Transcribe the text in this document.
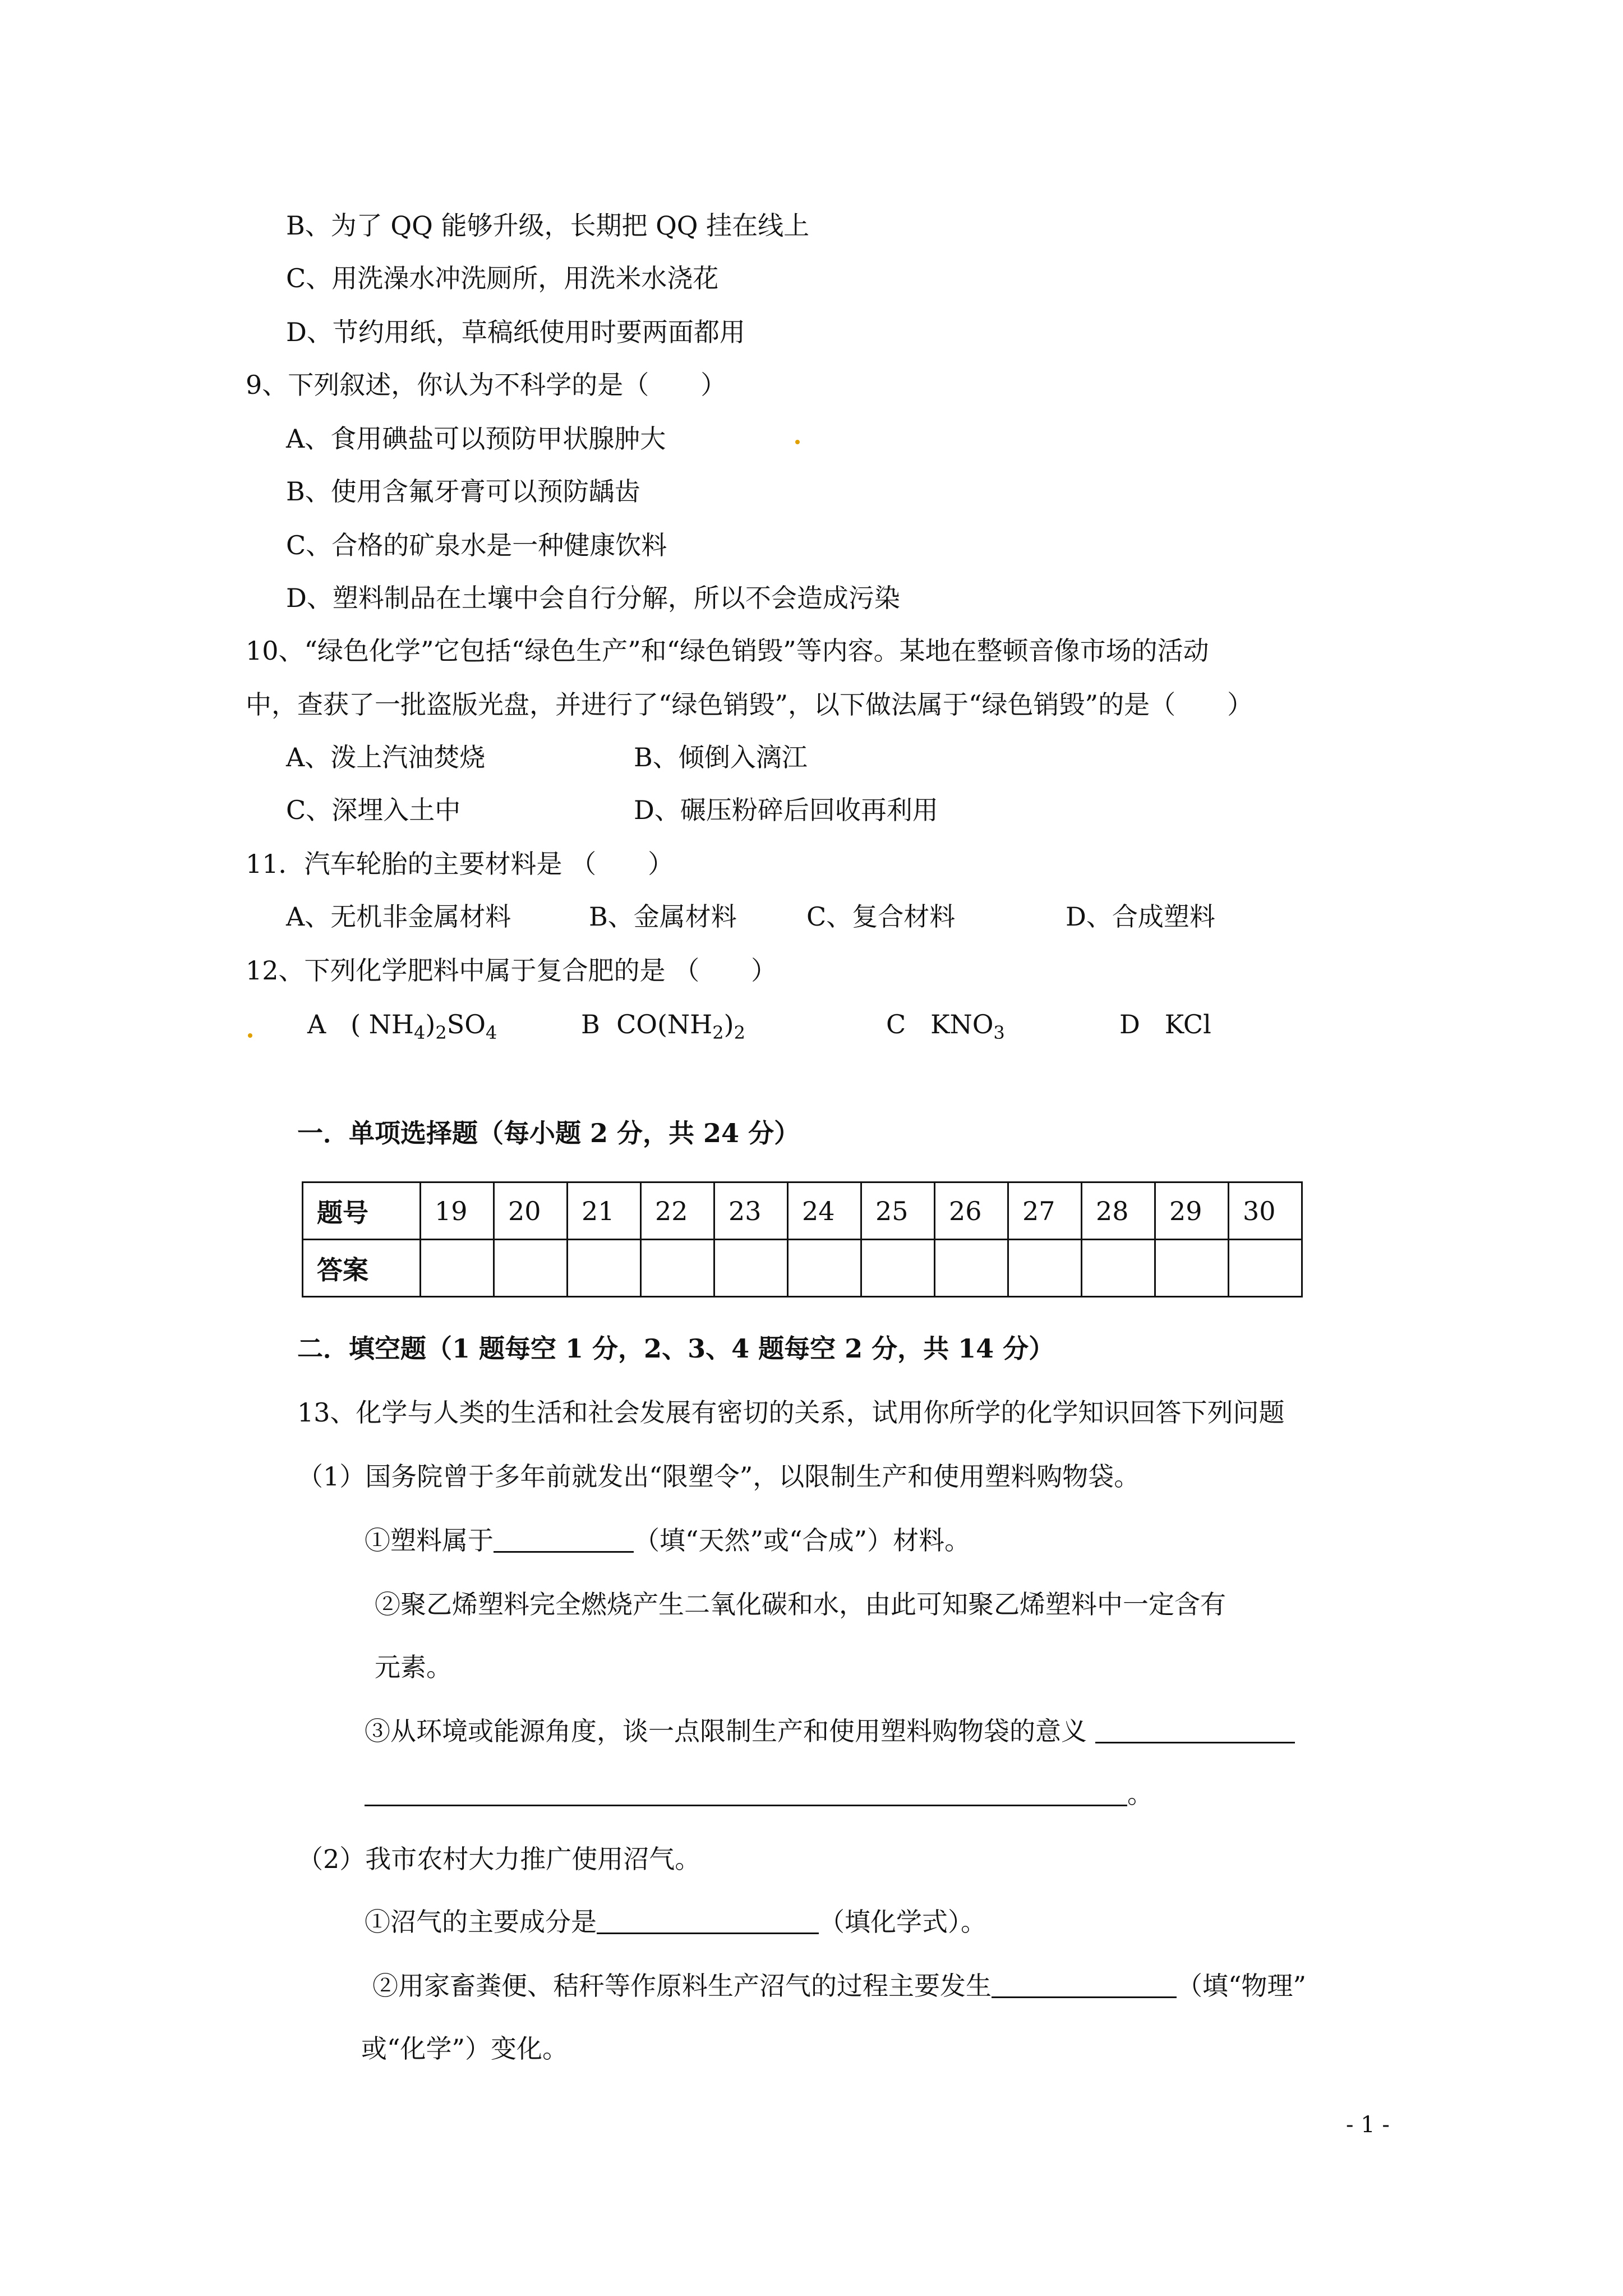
B、为了 QQ 能够升级，长期把 QQ 挂在线上
C、用洗澡水冲洗厕所，用洗米水浇花
D、节约用纸，草稿纸使用时要两面都用
9、下列叙述，你认为不科学的是（　　）
A、食用碘盐可以预防甲状腺肿大
B、使用含氟牙膏可以预防龋齿
C、合格的矿泉水是一种健康饮料
D、塑料制品在土壤中会自行分解，所以不会造成污染
10、“绿色化学”它包括“绿色生产”和“绿色销毁”等内容。某地在整顿音像市场的活动
中，查获了一批盗版光盘，并进行了“绿色销毁”，以下做法属于“绿色销毁”的是（　　）
A、泼上汽油焚烧	B、倾倒入漓江
C、深埋入土中	D、碾压粉碎后回收再利用
11．汽车轮胎的主要材料是 （　　）
A、无机非金属材料	B、金属材料	C、复合材料	D、合成塑料
12、下列化学肥料中属于复合肥的是 （　　）
A ( $NH_4)_2SO_4$	B $CO(NH_2)_2$	C $KNO_3$	D KCl
一．单项选择题（每小题 2 分，共 24 分）
题号	19	20	21	22	23	24	25	26	27	28	29	30
答案												
二．填空题（1 题每空 1 分，2、3、4 题每空 2 分，共 14 分）
13、化学与人类的生活和社会发展有密切的关系，试用你所学的化学知识回答下列问题
（1）国务院曾于多年前就发出“限塑令”，以限制生产和使用塑料购物袋。
①塑料属于	（填“天然”或“合成”）材料。
②聚乙烯塑料完全燃烧产生二氧化碳和水，由此可知聚乙烯塑料中一定含有
元素。
③从环境或能源角度，谈一点限制生产和使用塑料购物袋的意义
。
（2）我市农村大力推广使用沼气。
①沼气的主要成分是	（填化学式）。
②用家畜粪便、秸秆等作原料生产沼气的过程主要发生	（填“物理”
或“化学”）变化。
- 1 -
